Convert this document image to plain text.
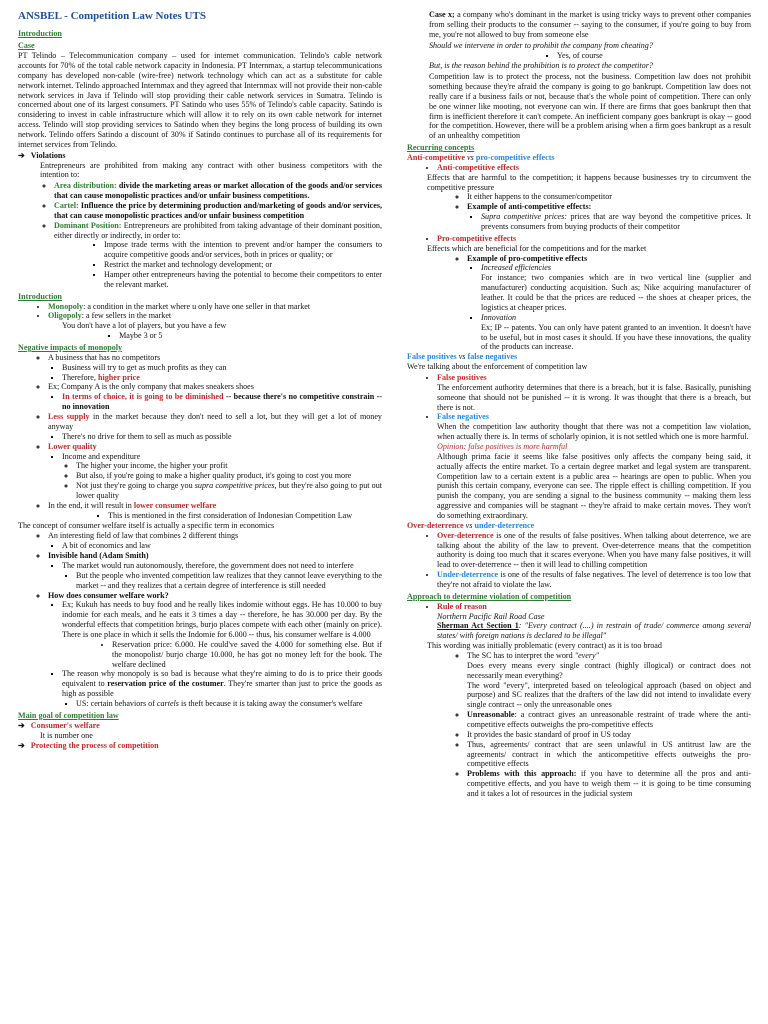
ANSBEL - Competition Law Notes UTS
Introduction
Case

PT Telindo – Telecommunication company – used for internet communication. Telindo's cable network accounts for 70% of the total cable network capacity in Indonesia. PT Internmax, a startup telecommunications company has developed non-cable (wire-free) network technology which can act as a substitute for cable network internet. Telindo approached Internmax and they agreed that Internmax will not provide their non-cable network services in Java if Telindo will stop providing their cable network services in Sumatra. Telindo is concerned about one of its largest consumers. PT Satindo who uses 55% of Telindo's cable capacity. Satindo is considering to invest in cable infrastructure which will allow it to rely on its own cable network for internet access. Telindo will stop providing services to Satindo when they begins the long process of building its own network. Telindo offers Satindo a discount of 30% if Satindo continues to purchase all of its requirements for internet services from Telindo.

➔ Violations

Entrepreneurs are prohibited from making any contract with other business competitors with the intention to:

◦ Area distribution: divide the marketing areas or market allocation of the goods and/or services that can cause monopolistic practices and/or unfair business competitions.
◦ Cartel: Influence the price by determining production and/marketing of goods and/or services, that can cause monopolistic practices and/or unfair business competition
◦ Dominant Position: Entrepreneurs are prohibited from taking advantage of their dominant position, either directly or indirectly, in order to:
▪ Impose trade terms with the intention to prevent and/or hamper the consumers to acquire competitive goods and/or services, both in prices or quality; or
▪ Restrict the market and technology development; or
▪ Hamper other entrepreneurs having the potential to become their competitors to enter the relevant market.
Introduction
• Monopoly: a condition in the market where u only have one seller in that market
• Oligopoly: a few sellers in the market
You don't have a lot of players, but you have a few
▪ Maybe 3 or 5
Negative impacts of monopoly
◦ A business that has no competitors
▪ Business will try to get as much profits as they can
▪ Therefore, higher price
◦ Ex; Company A is the only company that makes sneakers shoes
▪ In terms of choice, it is going to be diminished -- because there's no competitive constrain -- no innovation
◦ Less supply in the market because they don't need to sell a lot, but they will get a lot of money anyway
▪ There's no drive for them to sell as much as possible
◦ Lower quality
▪ Income and expenditure
◦ The higher your income, the higher your profit
◦ But also, if you're going to make a higher quality product, it's going to cost you more
◦ Not just they're going to charge you supra competitive prices, but they're also going to put out lower quality
◦ In the end, it will result in lower consumer welfare
▪ This is mentioned in the first consideration of Indonesian Competition Law

The concept of consumer welfare itself is actually a specific term in economics

◦ An interesting field of law that combines 2 different things
▪ A bit of economics and law
◦ Invisible hand (Adam Smith)
▪ The market would run autonomously, therefore, the government does not need to interfere
▪ But the people who invented competition law realizes that they cannot leave everything to the market -- and they realizes that a certain degree of interference is still needed
◦ How does consumer welfare work?
▪ Ex; Kukuh has needs to buy food and he really likes indomie without eggs. He has 10.000 to buy indomie for each meals, and he eats it 3 times a day -- therefore, he has 30.000 per day. By the wonderful effects that competition brings, burjo places compete with each other (mainly on price). There is one place in which it sells the Indomie for 6.000 -- thus, his consumer welfare is 4.000
• Reservation price: 6.000. He could've saved the 4.000 for something else. But if the monopolist/ burjo charge 10.000, he has got no money left for the book. The welfare declined
▪ The reason why monopoly is so bad is because what they're aiming to do is to price their goods equivalent to reservation price of the costumer. They're smarter than just to price the goods as high as possible
▪ US: certain behaviors of cartels is theft because it is taking away the consumer's welfare
Main goal of competition law
➔ Consumer's welfare

It is number one

➔ Protecting the process of competition

Case x; a company who's dominant in the market is using tricky ways to prevent other companies from selling their products to the consumer -- saying to the consumer, if you're going to buy from me, you're not allowed to buy from someone else

Should we intervene in order to prohibit the company from cheating?

▪ Yes, of course

But, is the reason behind the prohibition is to protect the competitor?

Competition law is to protect the process, not the business. Competition law does not prohibit something because they're afraid the company is going to go bankrupt. Competition law does not really care if a business fails or not, because that's the whole point of competition. There can only be one winner like mooting, not everyone can win. If there are firms that goes bankrupt then that firm is inefficient therefore it can't compete. An inefficient company goes bankrupt is okay -- good for the competition. However, there will be a problem arising when a firm goes bankrupt as a result of an unhealthy competition

Recurring concepts
Anti-competitive vs pro-competitive effects
• Anti-competitive effects
Effects that are harmful to the competition; it happens because businesses try to circumvent the competitive pressure
◦ It either happens to the consumer/competitor
◦ Example of anti-competitive effects:
▪ Supra competitive prices: prices that are way beyond the competitive prices. It prevents consumers from buying products of their competitor
• Pro-competitive effects
Effects which are beneficial for the competitions and for the market
◦ Example of pro-competitive effects
▪ Increased efficiencies
For instance; two companies which are in two vertical line (supplier and manufacturer) conducting acquisition. Such as; Nike acquiring manufacturer of leather. It could be that the prices are reduced -- the shoes at cheaper prices, the logistics at cheaper prices.
▪ Innovation
Ex; IP -- patents. You can only have patent granted to an invention. It doesn't have to be useful, but in most cases it should. If you have these innovations, the quality of the products can increase.
False positives vs false negatives

We're talking about the enforcement of competition law

• False positives
The enforcement authority determines that there is a breach, but it is false. Basically, punishing someone that should not be punished -- it is wrong. It was thought that there is a breach, but there is not.
• False negatives
When the competition law authority thought that there was not a competition law violation, when actually there is. In terms of scholarly opinion, it is not settled which one is more harmful.
Opinion: false positives is more harmful
Although prima facie it seems like false positives only affects the company being said, it actually affects the entire market. To a certain degree market and legal system are transparent. Competition law to a certain extent is a public area -- hearings are open to public. When you punish this certain company, everyone can see. The ripple effect is chilling competition. If you punish the company, you are sending a signal to the business community -- making them less aggressive and companies will be stagnant -- they're afraid to make certain moves. They won't do something extraordinary.
Over-deterrence vs under-deterrence
• Over-deterrence is one of the results of false positives. When talking about deterrence, we are talking about the ability of the law to prevent. Over-deterrence means that the competition authority is doing too much that it scares everyone. When you have many false positives, it will lead to over-deterrence -- then it will lead to chilling competition
• Under-deterrence is one of the results of false negatives. The level of deterrence is too low that they're not afraid to violate the law.
Approach to determine violation of competition
• Rule of reason
Northern Pacific Rail Road Case
Sherman Act Section 1: "Every contract (....) in restrain of trade/ commerce among several states/ with foreign nations is declared to be illegal"
This wording was initially problematic (every contract) as it is too broad
◦ The SC has to interpret the word "every"
Does every means every single contract (highly illogical) or contract does not necessarily mean everything?
The word "every", interpreted based on teleological approach (based on object and purpose) and SC realizes that the drafters of the law did not intend to invalidate every single contract -- only the unreasonable ones
◦ Unreasonable: a contract gives an unreasonable restraint of trade where the anti-competitive effects outweighs the pro-competitive effects
◦ It provides the basic standard of proof in US today
◦ Thus, agreements/ contract that are seen unlawful in US antitrust law are the agreements/ contract in which the anticompetitive effects outweighs the pro-competitive effects
◦ Problems with this approach: if you have to determine all the pros and anti-competitive effects, and you have to weigh them -- it is going to be time consuming and it takes a lot of resources in the judicial system
